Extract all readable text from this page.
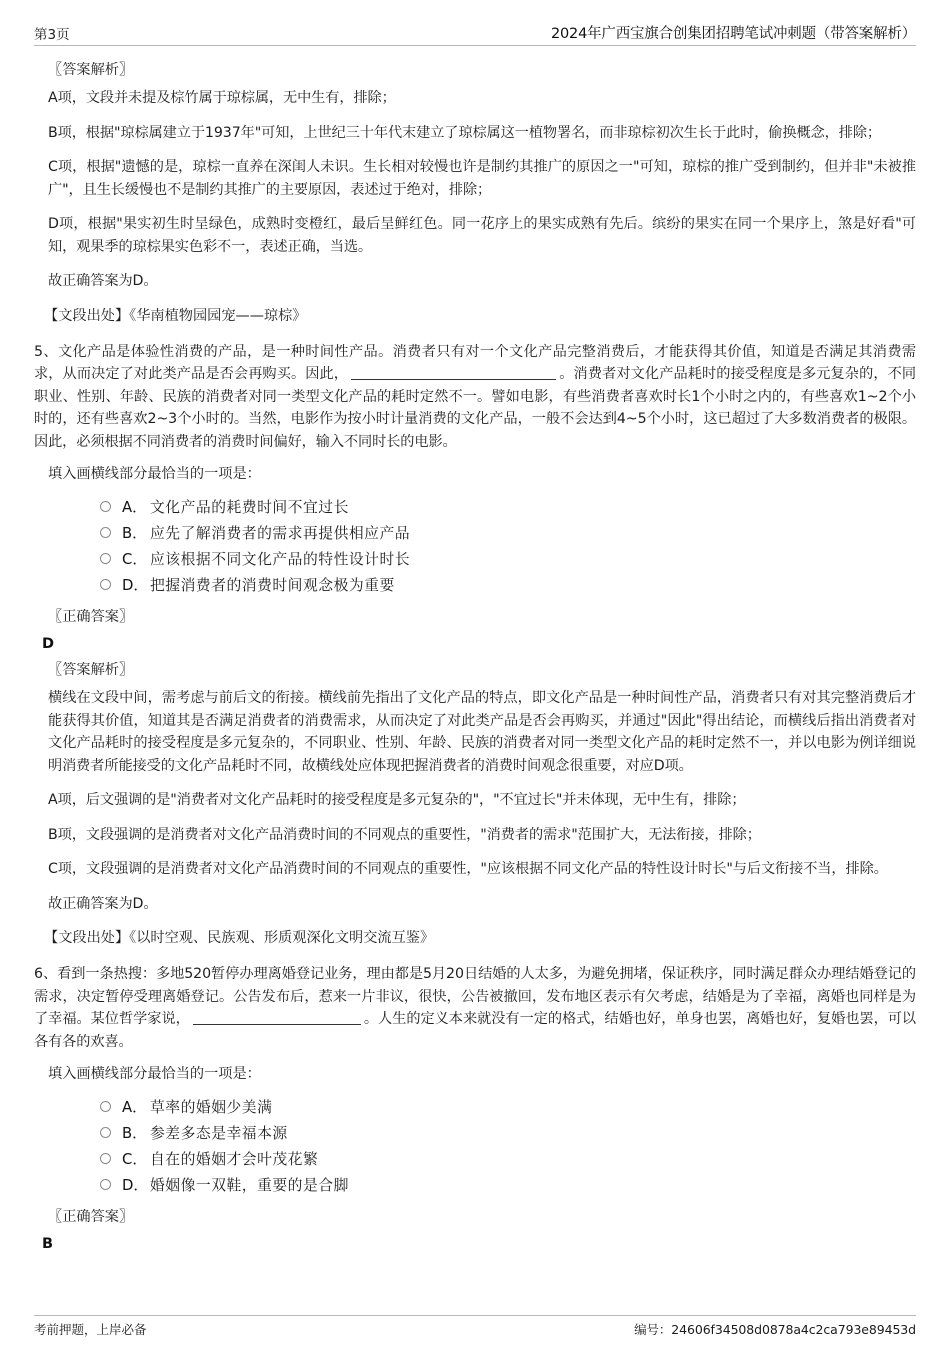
第3页	2024年广西宝旗合创集团招聘笔试冲刺题（带答案解析）
〖答案解析〗

A项，文段并未提及棕竹属于琼棕属，无中生有，排除；

B项，根据"琼棕属建立于1937年"可知，上世纪三十年代末建立了琼棕属这一植物署名，而非琼棕初次生长于此时，偷换概念，排除；

C项，根据"遗憾的是，琼棕一直养在深闺人未识。生长相对较慢也许是制约其推广的原因之一"可知，琼棕的推广受到制约，但并非"未被推广"，且生长缓慢也不是制约其推广的主要原因，表述过于绝对，排除；

D项，根据"果实初生时呈绿色，成熟时变橙红，最后呈鲜红色。同一花序上的果实成熟有先后。缤纷的果实在同一个果序上，煞是好看"可知，观果季的琼棕果实色彩不一，表述正确，当选。

故正确答案为D。

【文段出处】《华南植物园园宠——琼棕》

5、文化产品是体验性消费的产品，是一种时间性产品。消费者只有对一个文化产品完整消费后，才能获得其价值，知道是否满足其消费需求，从而决定了对此类产品是否会再购买。因此，	。消费者对文化产品耗时的接受程度是多元复杂的，不同职业、性别、年龄、民族的消费者对同一类型文化产品的耗时定然不一。譬如电影，有些消费者喜欢时长1个小时之内的，有些喜欢1~2个小时的，还有些喜欢2~3个小时的。当然，电影作为按小时计量消费的文化产品，一般不会达到4~5个小时，这已超过了大多数消费者的极限。因此，必须根据不同消费者的消费时间偏好，输入不同时长的电影。

填入画横线部分最恰当的一项是：
A． 文化产品的耗费时间不宜过长
B． 应先了解消费者的需求再提供相应产品
C． 应该根据不同文化产品的特性设计时长
D． 把握消费者的消费时间观念极为重要
〖正确答案〗
D
〖答案解析〗

横线在文段中间，需考虑与前后文的衔接。横线前先指出了文化产品的特点，即文化产品是一种时间性产品，消费者只有对其完整消费后才能获得其价值，知道其是否满足消费者的消费需求，从而决定了对此类产品是否会再购买，并通过"因此"得出结论，而横线后指出消费者对文化产品耗时的接受程度是多元复杂的，不同职业、性别、年龄、民族的消费者对同一类型文化产品的耗时定然不一，并以电影为例详细说明消费者所能接受的文化产品耗时不同，故横线处应体现把握消费者的消费时间观念很重要，对应D项。

A项，后文强调的是"消费者对文化产品耗时的接受程度是多元复杂的"，"不宜过长"并未体现，无中生有，排除；

B项，文段强调的是消费者对文化产品消费时间的不同观点的重要性，"消费者的需求"范围扩大，无法衔接，排除；

C项，文段强调的是消费者对文化产品消费时间的不同观点的重要性，"应该根据不同文化产品的特性设计时长"与后文衔接不当，排除。

故正确答案为D。

【文段出处】《以时空观、民族观、形质观深化文明交流互鉴》

6、看到一条热搜：多地520暂停办理离婚登记业务，理由都是5月20日结婚的人太多，为避免拥堵，保证秩序，同时满足群众办理结婚登记的需求，决定暂停受理离婚登记。公告发布后，惹来一片非议，很快，公告被撤回，发布地区表示有欠考虑，结婚是为了幸福，离婚也同样是为了幸福。某位哲学家说，	。人生的定义本来就没有一定的格式，结婚也好，单身也罢，离婚也好，复婚也罢，可以各有各的欢喜。

填入画横线部分最恰当的一项是：
A． 草率的婚姻少美满
B． 参差多态是幸福本源
C． 自在的婚姻才会叶茂花繁
D． 婚姻像一双鞋，重要的是合脚
〖正确答案〗
B
考前押题，上岸必备	编号：24606f34508d0878a4c2ca793e89453d
